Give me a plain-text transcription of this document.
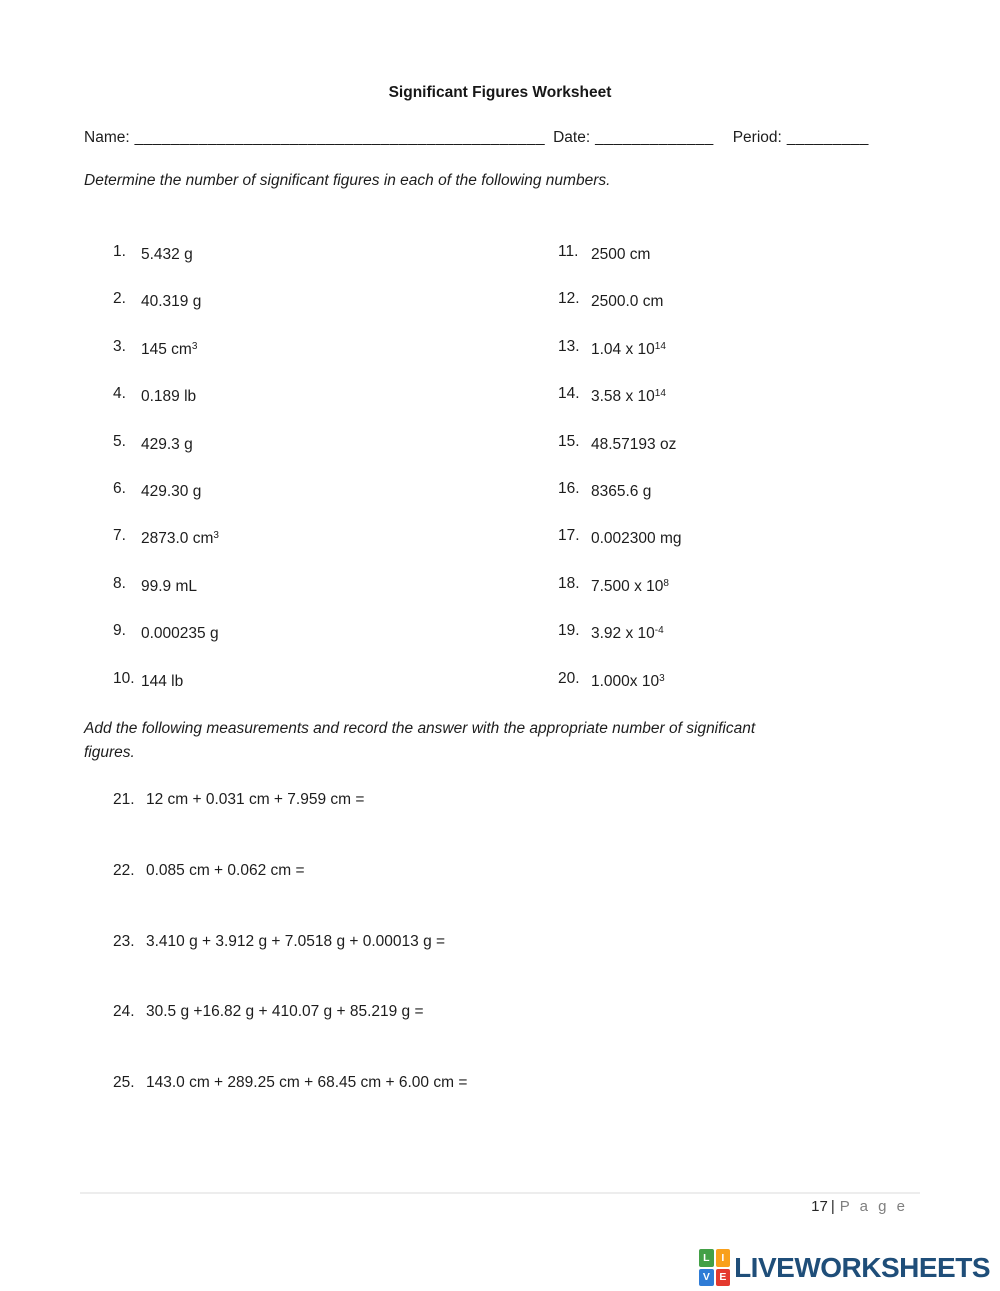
Significant Figures Worksheet
Name: _____________________________________________ Date: _____________ Period: _________
Determine the number of significant figures in each of the following numbers.
1. 5.432 g
2. 40.319 g
3. 145 $cm^3$
4. 0.189 lb
5. 429.3 g
6. 429.30 g
7. 2873.0 $cm^3$
8. 99.9 mL
9. 0.000235 g
10. 144 lb
11. 2500 cm
12. 2500.0 cm
13. 1.04 x $10^{14}$
14. 3.58 x $10^{14}$
15. 48.57193 oz
16. 8365.6 g
17. 0.002300 mg
18. 7.500 x $10^8$
19. 3.92 x $10^{-4}$
20. 1.000x $10^3$
Add the following measurements and record the answer with the appropriate number of significant figures.
21. 12 cm + 0.031 cm + 7.959 cm =
22. 0.085 cm + 0.062 cm =
23. 3.410 g + 3.912 g + 7.0518 g + 0.00013 g =
24. 30.5 g +16.82 g + 410.07 g + 85.219 g =
25. 143.0 cm + 289.25 cm + 68.45 cm + 6.00 cm =
17 | P a g e
L	I
V E LIVEWORKSHEETS
